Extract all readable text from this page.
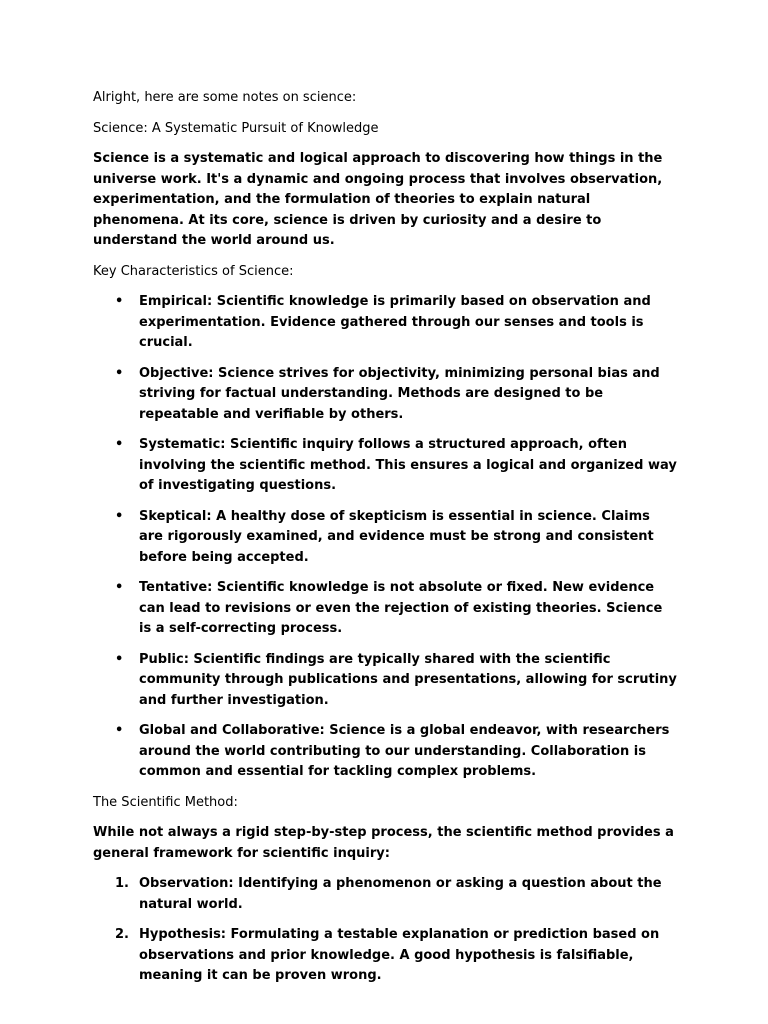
Alright, here are some notes on science:

Science: A Systematic Pursuit of Knowledge

Science is a systematic and logical approach to discovering how things in the universe work. It's a dynamic and ongoing process that involves observation, experimentation, and the formulation of theories to explain natural phenomena. At its core, science is driven by curiosity and a desire to understand the world around us.

Key Characteristics of Science:

• Empirical: Scientific knowledge is primarily based on observation and experimentation. Evidence gathered through our senses and tools is crucial.
• Objective: Science strives for objectivity, minimizing personal bias and striving for factual understanding. Methods are designed to be repeatable and verifiable by others.
• Systematic: Scientific inquiry follows a structured approach, often involving the scientific method. This ensures a logical and organized way of investigating questions.
• Skeptical: A healthy dose of skepticism is essential in science. Claims are rigorously examined, and evidence must be strong and consistent before being accepted.
• Tentative: Scientific knowledge is not absolute or fixed. New evidence can lead to revisions or even the rejection of existing theories. Science is a self-correcting process.
• Public: Scientific findings are typically shared with the scientific community through publications and presentations, allowing for scrutiny and further investigation.
• Global and Collaborative: Science is a global endeavor, with researchers around the world contributing to our understanding. Collaboration is common and essential for tackling complex problems.

The Scientific Method:

While not always a rigid step-by-step process, the scientific method provides a general framework for scientific inquiry:

1. Observation: Identifying a phenomenon or asking a question about the natural world.
2. Hypothesis: Formulating a testable explanation or prediction based on observations and prior knowledge. A good hypothesis is falsifiable, meaning it can be proven wrong.
